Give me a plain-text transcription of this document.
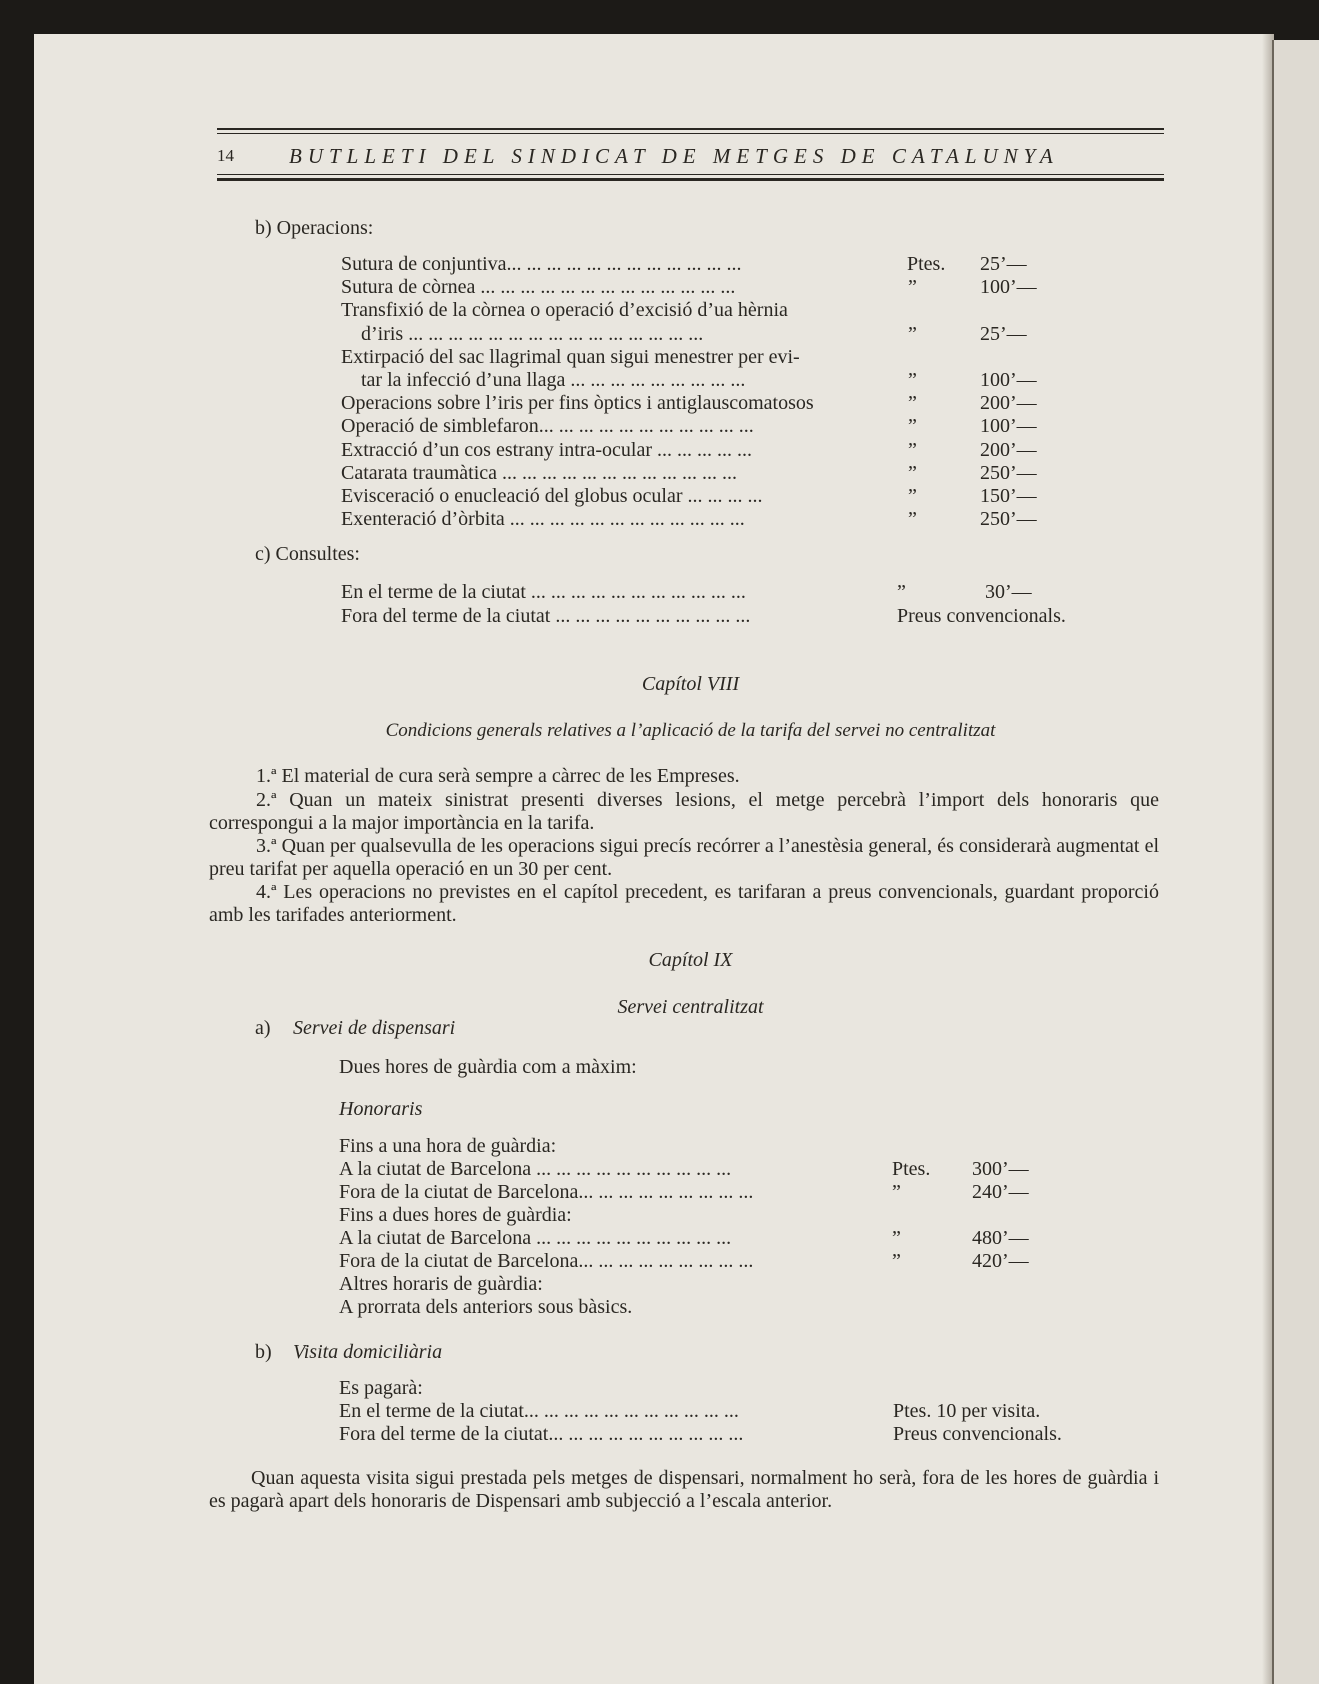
14	BUTLLETI DEL SINDICAT DE METGES DE CATALUNYA
b) Operacions:
Sutura de conjuntiva... ... ... ... ... ... ... ... ... ... ... ...	Ptes. 25’—
Sutura de còrnea ... ... ... ... ... ... ... ... ... ... ... ... ...	”	100’—
Transfixió de la còrnea o operació d’excisió d’ua hèrnia
d’iris ... ... ... ... ... ... ... ... ... ... ... ... ... ... ...	”	25’—
Extirpació del sac llagrimal quan sigui menestrer per evi-
tar la infecció d’una llaga ... ... ... ... ... ... ... ... ...	”	100’—
Operacions sobre l’iris per fins òptics i antiglauscomatosos	”	200’—
Operació de simblefaron... ... ... ... ... ... ... ... ... ... ...	”	100’—
Extracció d’un cos estrany intra-ocular ... ... ... ... ...	”	200’—
Catarata traumàtica ... ... ... ... ... ... ... ... ... ... ... ...	”	250’—
Evisceració o enucleació del globus ocular ... ... ... ...	”	150’—
Exenteració d’òrbita ... ... ... ... ... ... ... ... ... ... ... ...	”	250’—
c) Consultes:
En el terme de la ciutat ... ... ... ... ... ... ... ... ... ... ...	”	30’—
Fora del terme de la ciutat ... ... ... ... ... ... ... ... ... ...	Preus convencionals.
Capítol VIII
Condicions generals relatives a l’aplicació de la tarifa del servei no centralitzat
1.ª El material de cura serà sempre a càrrec de les Empreses.
2.ª Quan un mateix sinistrat presenti diverses lesions, el metge percebrà l’import dels honoraris que correspongui a la major importància en la tarifa.
3.ª Quan per qualsevulla de les operacions sigui precís recórrer a l’anestèsia general, és considerarà augmentat el preu tarifat per aquella operació en un 30 per cent.
4.ª Les operacions no previstes en el capítol precedent, es tarifaran a preus convencionals, guardant proporció amb les tarifades anteriorment.
Capítol IX
Servei centralitzat
a) Servei de dispensari
Dues hores de guàrdia com a màxim:
Honoraris
Fins a una hora de guàrdia:
A la ciutat de Barcelona ... ... ... ... ... ... ... ... ... ...	Ptes. 300’—
Fora de la ciutat de Barcelona... ... ... ... ... ... ... ... ...	”	240’—
Fins a dues hores de guàrdia:
A la ciutat de Barcelona ... ... ... ... ... ... ... ... ... ...	”	480’—
Fora de la ciutat de Barcelona... ... ... ... ... ... ... ... ...	”	420’—
Altres horaris de guàrdia:
A prorrata dels anteriors sous bàsics.
b) Visita domiciliària
Es pagarà:
En el terme de la ciutat... ... ... ... ... ... ... ... ... ... ...	Ptes. 10 per visita.
Fora del terme de la ciutat... ... ... ... ... ... ... ... ... ...	Preus convencionals.
Quan aquesta visita sigui prestada pels metges de dispensari, normalment ho serà, fora de les hores de guàrdia i es pagarà apart dels honoraris de Dispensari amb subjecció a l’escala anterior.
